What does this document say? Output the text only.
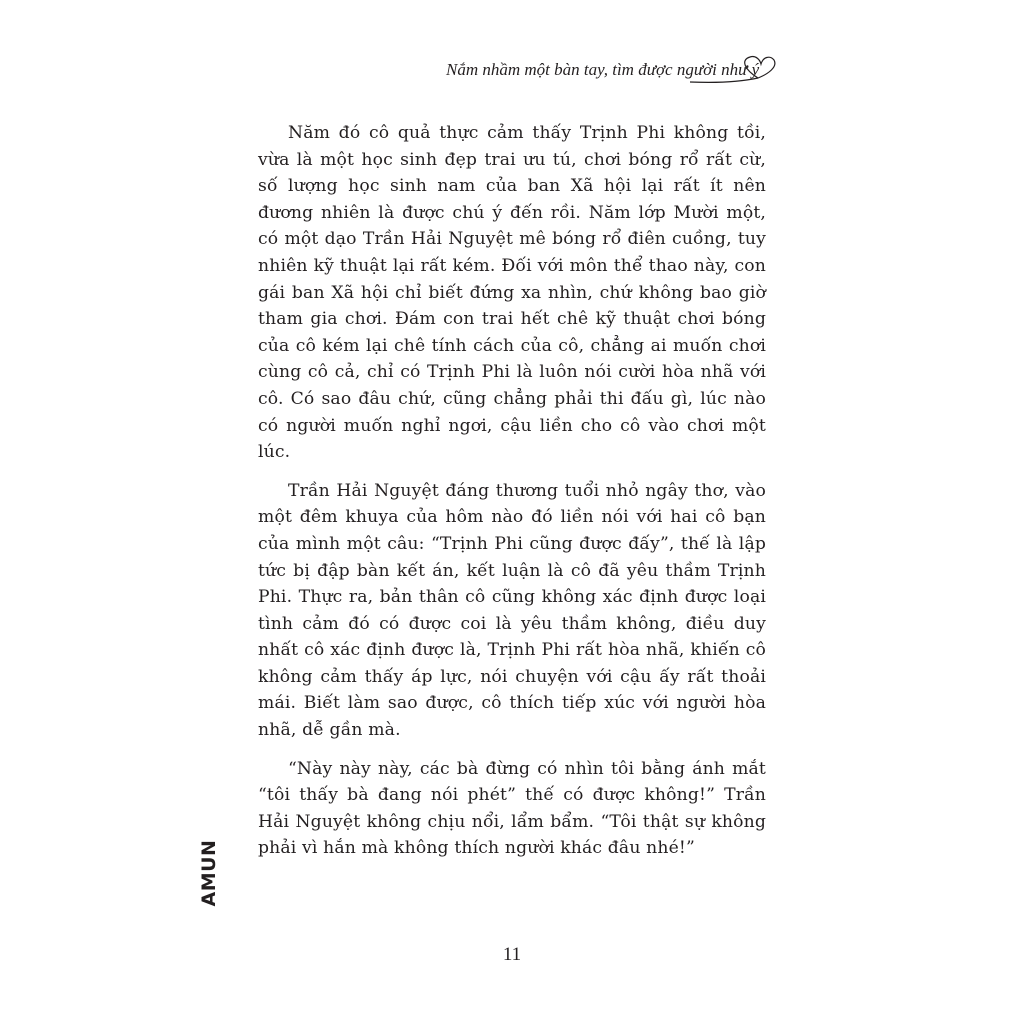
Nắm nhầm một bàn tay, tìm được người như ý

Năm đó cô quả thực cảm thấy Trịnh Phi không tồi, vừa là một học sinh đẹp trai ưu tú, chơi bóng rổ rất cừ, số lượng học sinh nam của ban Xã hội lại rất ít nên đương nhiên là được chú ý đến rồi. Năm lớp Mười một, có một dạo Trần Hải Nguyệt mê bóng rổ điên cuồng, tuy nhiên kỹ thuật lại rất kém. Đối với môn thể thao này, con gái ban Xã hội chỉ biết đứng xa nhìn, chứ không bao giờ tham gia chơi. Đám con trai hết chê kỹ thuật chơi bóng của cô kém lại chê tính cách của cô, chẳng ai muốn chơi cùng cô cả, chỉ có Trịnh Phi là luôn nói cười hòa nhã với cô. Có sao đâu chứ, cũng chẳng phải thi đấu gì, lúc nào có người muốn nghỉ ngơi, cậu liền cho cô vào chơi một lúc.

Trần Hải Nguyệt đáng thương tuổi nhỏ ngây thơ, vào một đêm khuya của hôm nào đó liền nói với hai cô bạn của mình một câu: “Trịnh Phi cũng được đấy”, thế là lập tức bị đập bàn kết án, kết luận là cô đã yêu thầm Trịnh Phi. Thực ra, bản thân cô cũng không xác định được loại tình cảm đó có được coi là yêu thầm không, điều duy nhất cô xác định được là, Trịnh Phi rất hòa nhã, khiến cô không cảm thấy áp lực, nói chuyện với cậu ấy rất thoải mái. Biết làm sao được, cô thích tiếp xúc với người hòa nhã, dễ gần mà.

“Này này này, các bà đừng có nhìn tôi bằng ánh mắt “tôi thấy bà đang nói phét” thế có được không!” Trần Hải Nguyệt không chịu nổi, lẩm bẩm. “Tôi thật sự không phải vì hắn mà không thích người khác đâu nhé!”

11
AMUN
